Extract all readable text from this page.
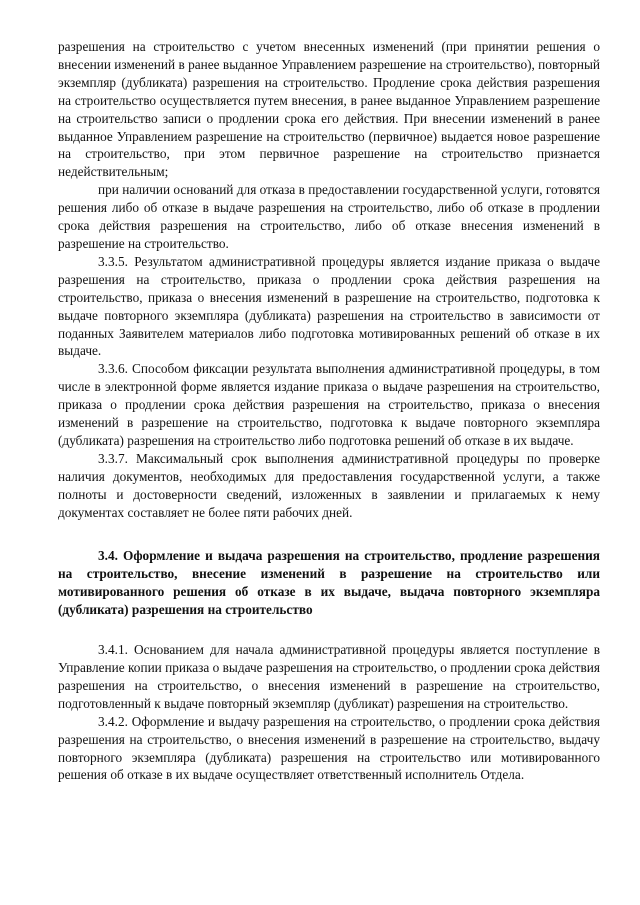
разрешения на строительство с учетом внесенных изменений (при принятии решения о внесении изменений в ранее выданное Управлением разрешение на строительство), повторный экземпляр (дубликата) разрешения на строительство. Продление срока действия разрешения на строительство осуществляется путем внесения, в ранее выданное Управлением разрешение на строительство записи о продлении срока его действия. При внесении изменений в ранее выданное Управлением разрешение на строительство (первичное) выдается новое разрешение на строительство, при этом первичное разрешение на строительство признается недействительным;

при наличии оснований для отказа в предоставлении государственной услуги, готовятся решения либо об отказе в выдаче разрешения на строительство, либо об отказе в продлении срока действия разрешения на строительство, либо об отказе внесения изменений в разрешение на строительство.

3.3.5. Результатом административной процедуры является издание приказа о выдаче разрешения на строительство, приказа о продлении срока действия разрешения на строительство, приказа о внесения изменений в разрешение на строительство, подготовка к выдаче повторного экземпляра (дубликата) разрешения на строительство в зависимости от поданных Заявителем материалов либо подготовка мотивированных решений об отказе в их выдаче.

3.3.6. Способом фиксации результата выполнения административной процедуры, в том числе в электронной форме является издание приказа о выдаче разрешения на строительство, приказа о продлении срока действия разрешения на строительство, приказа о внесения изменений в разрешение на строительство, подготовка к выдаче повторного экземпляра (дубликата) разрешения на строительство либо подготовка решений об отказе в их выдаче.

3.3.7. Максимальный срок выполнения административной процедуры по проверке наличия документов, необходимых для предоставления государственной услуги, а также полноты и достоверности сведений, изложенных в заявлении и прилагаемых к нему документах составляет не более пяти рабочих дней.

3.4. Оформление и выдача разрешения на строительство, продление разрешения на строительство, внесение изменений в разрешение на строительство или мотивированного решения об отказе в их выдаче, выдача повторного экземпляра (дубликата) разрешения на строительство

3.4.1. Основанием для начала административной процедуры является поступление в Управление копии приказа о выдаче разрешения на строительство, о продлении срока действия разрешения на строительство, о внесения изменений в разрешение на строительство, подготовленный к выдаче повторный экземпляр (дубликат) разрешения на строительство.

3.4.2. Оформление и выдачу разрешения на строительство, о продлении срока действия разрешения на строительство, о внесения изменений в разрешение на строительство, выдачу повторного экземпляра (дубликата) разрешения на строительство или мотивированного решения об отказе в их выдаче осуществляет ответственный исполнитель Отдела.
